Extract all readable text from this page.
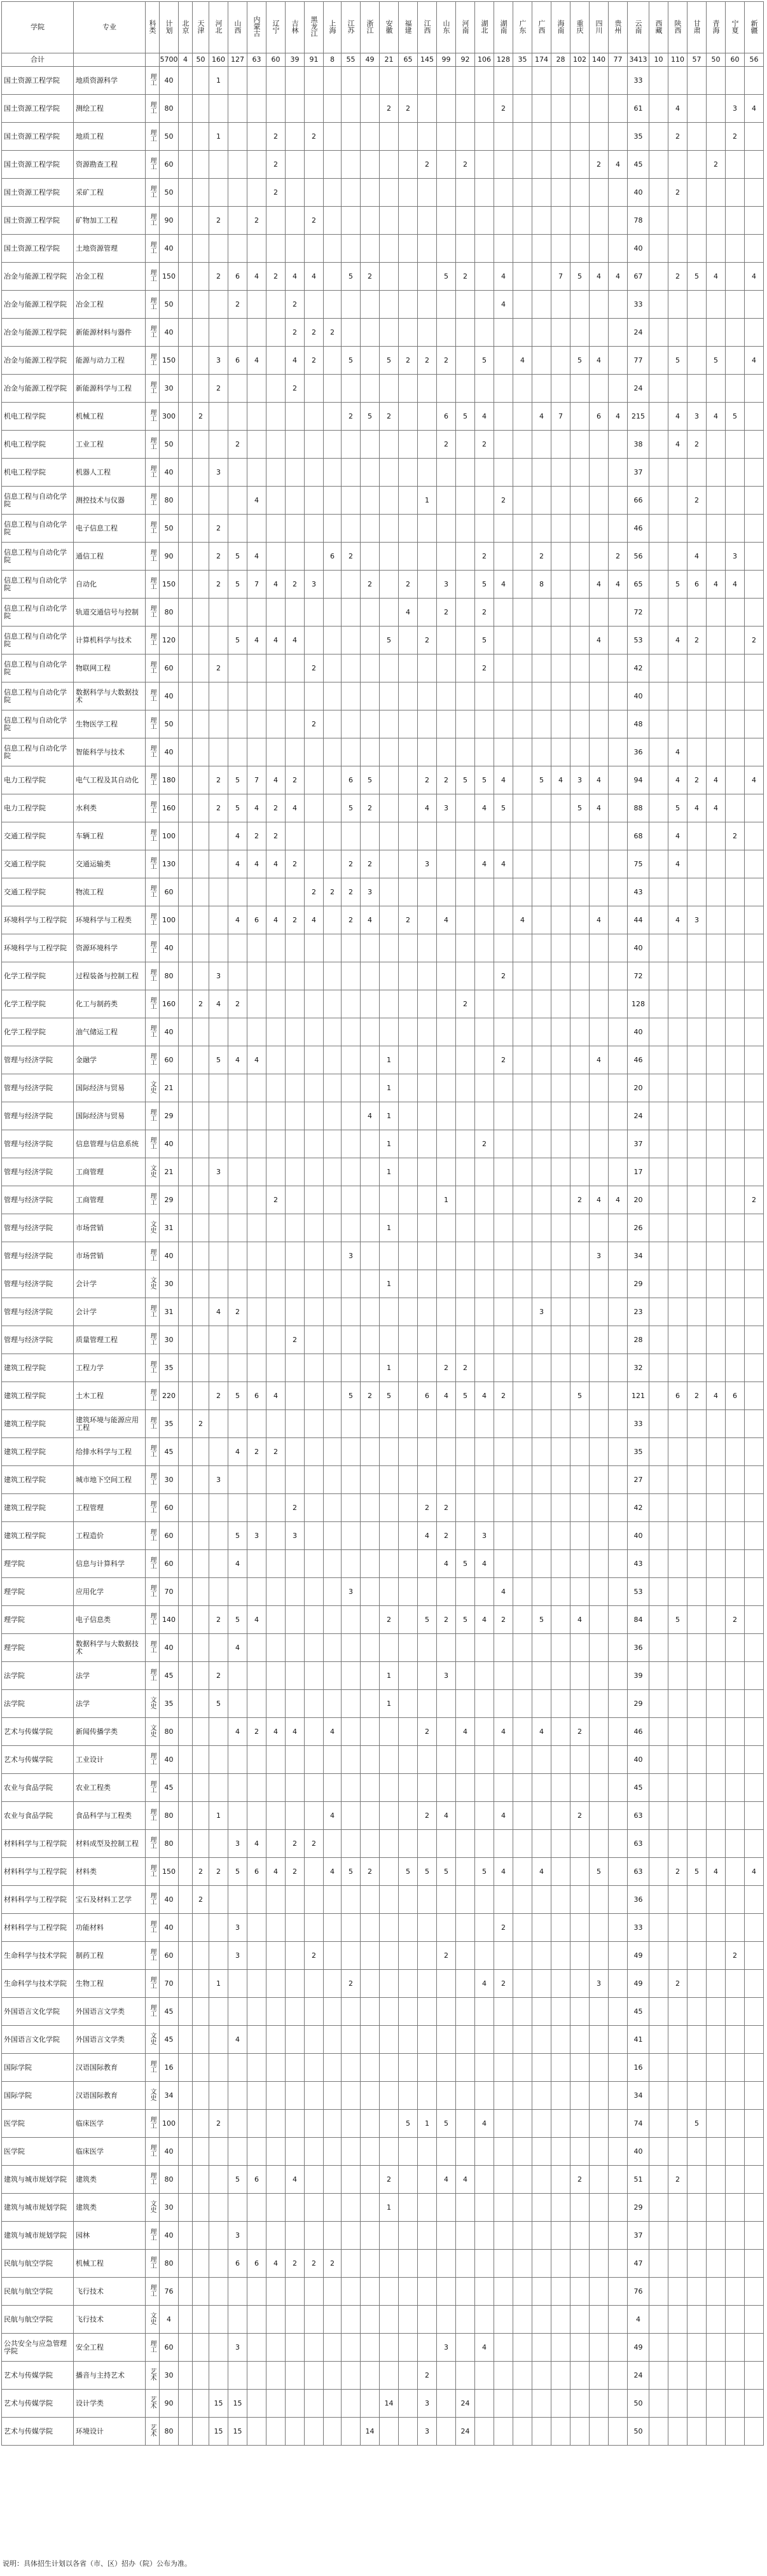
学院	专业	科类	计划	北京	天津	河北	山西	内蒙古	辽宁	吉林	黑龙江	上海	江苏	浙江	安徽	福建	江西	山东	河南	湖北	湖南	广东	广西	海南	重庆	四川	贵州	云南	西藏	陕西	甘肃	青海	宁夏	新疆
合计			5700	4	50	160	127	63	60	39	91	8	55	49	21	65	145	99	92	106	128	35	174	28	102	140	77	3413	10	110	57	50	60	56
国土资源工程学院	地质资源科学	理工	40			1																						33						
国土资源工程学院	测绘工程	理工	80												2	2					2							61		4			3	4
国土资源工程学院	地质工程	理工	50			1			2		2																	35		2			2	
国土资源工程学院	资源勘查工程	理工	60						2								2		2							2	4	45				2		
国土资源工程学院	采矿工程	理工	50						2																			40		2				
国土资源工程学院	矿物加工工程	理工	90			2		2			2																	78						
国土资源工程学院	土地资源管理	理工	40																									40						
冶金与能源工程学院	冶金工程	理工	150			2	6	4	2	4	4		5	2				5	2		4			7	5	4	4	67		2	5	4		4
冶金与能源工程学院	冶金工程	理工	50				2			2											4							33						
冶金与能源工程学院	新能源材料与器件	理工	40							2	2	2																24						
冶金与能源工程学院	能源与动力工程	理工	150			3	6	4		4	2		5		5	2	2	2		5		4			5	4		77		5		5		4
冶金与能源工程学院	新能源科学与工程	理工	30			2				2																		24						
机电工程学院	机械工程	理工	300		2								2	5	2			6	5	4			4	7		6	4	215		4	3	4	5	
机电工程学院	工业工程	理工	50				2											2		2								38		4	2			
机电工程学院	机器人工程	理工	40			3																						37						
信息工程与自动化学院	测控技术与仪器	理工	80					4									1				2							66			2			
信息工程与自动化学院	电子信息工程	理工	50			2																						46						
信息工程与自动化学院	通信工程	理工	90			2	5	4				6	2							2			2				2	56			4		3	
信息工程与自动化学院	自动化	理工	150			2	5	7	4	2	3			2		2		3		5	4		8			4	4	65		5	6	4	4	
信息工程与自动化学院	轨道交通信号与控制	理工	80													4		2		2								72						
信息工程与自动化学院	计算机科学与技术	理工	120				5	4	4	4					5		2			5						4		53		4	2			2
信息工程与自动化学院	物联网工程	理工	60			2					2									2								42						
信息工程与自动化学院	数据科学与大数据技术	理工	40																									40						
信息工程与自动化学院	生物医学工程	理工	50								2																	48						
信息工程与自动化学院	智能科学与技术	理工	40																									36		4				
电力工程学院	电气工程及其自动化	理工	180			2	5	7	4	2			6	5			2	2	5	5	4		5	4	3	4		94		4	2	4		4
电力工程学院	水利类	理工	160			2	5	4	2	4			5	2			4	3		4	5				5	4		88		5	4	4		
交通工程学院	车辆工程	理工	100				4	2	2																			68		4			2	
交通工程学院	交通运输类	理工	130				4	4	4	2			2	2			3			4	4							75		4				
交通工程学院	物流工程	理工	60								2	2	2	3														43						
环境科学与工程学院	环境科学与工程类	理工	100				4	6	4	2	4		2	4		2		4				4				4		44		4	3			
环境科学与工程学院	资源环境科学	理工	40																									40						
化学工程学院	过程装备与控制工程	理工	80			3															2							72						
化学工程学院	化工与制药类	理工	160		2	4	2												2									128						
化学工程学院	油气储运工程	理工	40																									40						
管理与经济学院	金融学	理工	60			5	4	4							1						2					4		46						
管理与经济学院	国际经济与贸易	文史	21												1													20						
管理与经济学院	国际经济与贸易	理工	29											4	1													24						
管理与经济学院	信息管理与信息系统	理工	40												1					2								37						
管理与经济学院	工商管理	文史	21			3									1													17						
管理与经济学院	工商管理	理工	29						2									1							2	4	4	20						2
管理与经济学院	市场营销	文史	31												1													26						
管理与经济学院	市场营销	理工	40										3													3		34						
管理与经济学院	会计学	文史	30												1													29						
管理与经济学院	会计学	理工	31			4	2																3					23						
管理与经济学院	质量管理工程	理工	30							2																		28						
建筑工程学院	工程力学	理工	35												1			2	2									32						
建筑工程学院	土木工程	理工	220			2	5	6	4				5	2	5		6	4	5	4	2				5			121		6	2	4	6	
建筑工程学院	建筑环境与能源应用工程	理工	35		2																							33						
建筑工程学院	给排水科学与工程	理工	45				4	2	2																			35						
建筑工程学院	城市地下空间工程	理工	30			3																						27						
建筑工程学院	工程管理	理工	60							2							2	2										42						
建筑工程学院	工程造价	理工	60				5	3		3							4	2		3								40						
理学院	信息与计算科学	理工	60				4											4	5	4								43						
理学院	应用化学	理工	70										3								4							53						
理学院	电子信息类	理工	140			2	5	4							2		5	2	5	4	2		5		4			84		5			2	
理学院	数据科学与大数据技术	理工	40				4																					36						
法学院	法学	理工	45			2									1			3										39						
法学院	法学	文史	35			5									1													29						
艺术与传媒学院	新闻传播学类	文史	80				4	2	4	4		4					2		4		4		4		2			46						
艺术与传媒学院	工业设计	理工	40																									40						
农业与食品学院	农业工程类	理工	45																									45						
农业与食品学院	食品科学与工程类	理工	80			1						4					2	4			4				2			63						
材料科学与工程学院	材料成型及控制工程	理工	80				3	4		2	2																	63						
材料科学与工程学院	材料类	理工	150		2	2	5	6	4	2		4	5	2		5	5	5		5	4		4			5		63		2	5	4		4
材料科学与工程学院	宝石及材料工艺学	理工	40		2																							36						
材料科学与工程学院	功能材料	理工	40				3														2							33						
生命科学与技术学院	制药工程	理工	60				3				2							2										49					2	
生命科学与技术学院	生物工程	理工	70			1							2							4	2					3		49		2				
外国语言文化学院	外国语言文学类	理工	45																									45						
外国语言文化学院	外国语言文学类	文史	45				4																					41						
国际学院	汉语国际教育	理工	16																									16						
国际学院	汉语国际教育	文史	34																									34						
医学院	临床医学	理工	100			2										5	1	5		4								74			5			
医学院	临床医学	理工	40																									40						
建筑与城市规划学院	建筑类	理工	80				5	6		4					2			4	4						2			51		2				
建筑与城市规划学院	建筑类	文史	30												1													29						
建筑与城市规划学院	园林	理工	40				3																					37						
民航与航空学院	机械工程	理工	80				6	6	4	2	2	2																47						
民航与航空学院	飞行技术	理工	76																									76						
民航与航空学院	飞行技术	文史	4																									4						
公共安全与应急管理学院	安全工程	理工	60				3											3		4								49						
艺术与传媒学院	播音与主持艺术	艺术	30														2											24						
艺术与传媒学院	设计学类	艺术	90			15	15								14		3		24									50						
艺术与传媒学院	环境设计	艺术	80			15	15							14			3		24									50						
说明：具体招生计划以各省（市、区）招办（院）公布为准。
